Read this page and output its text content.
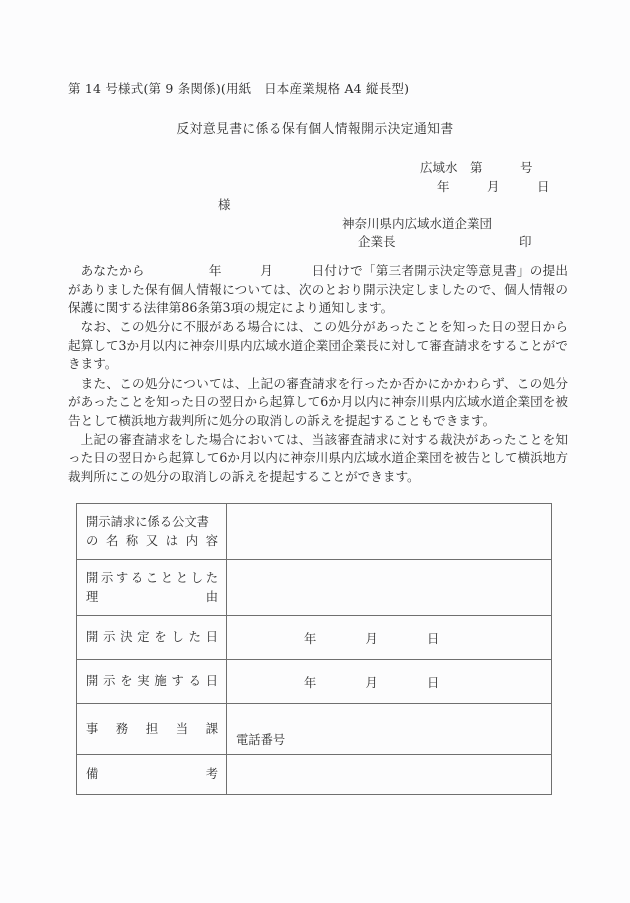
第 14 号様式(第 9 条関係)(用紙　日本産業規格 A4 縦長型)
反対意見書に係る保有個人情報開示決定通知書
広域水　第　　　号
年　　　月　　　日
様
神奈川県内広域水道企業団
企業長	印

あなたから　　　　　年　　　月　　　日付けで「第三者開示決定等意見書」の提出がありました保有個人情報については、次のとおり開示決定しましたので、個人情報の保護に関する法律第86条第3項の規定により通知します。

なお、この処分に不服がある場合には、この処分があったことを知った日の翌日から起算して3か月以内に神奈川県内広域水道企業団企業長に対して審査請求をすることができます。

また、この処分については、上記の審査請求を行ったか否かにかかわらず、この処分があったことを知った日の翌日から起算して6か月以内に神奈川県内広域水道企業団を被告として横浜地方裁判所に処分の取消しの訴えを提起することもできます。

上記の審査請求をした場合においては、当該審査請求に対する裁決があったことを知った日の翌日から起算して6か月以内に神奈川県内広域水道企業団を被告として横浜地方裁判所にこの処分の取消しの訴えを提起することができます。

開示請求に係る公文書
の名称又は内容	

開示することとした
理由	

開示決定をした日	年　　　　月　　　　日

開示を実施する日	年　　　　月　　　　日

事務担当課	電話番号

備考	
